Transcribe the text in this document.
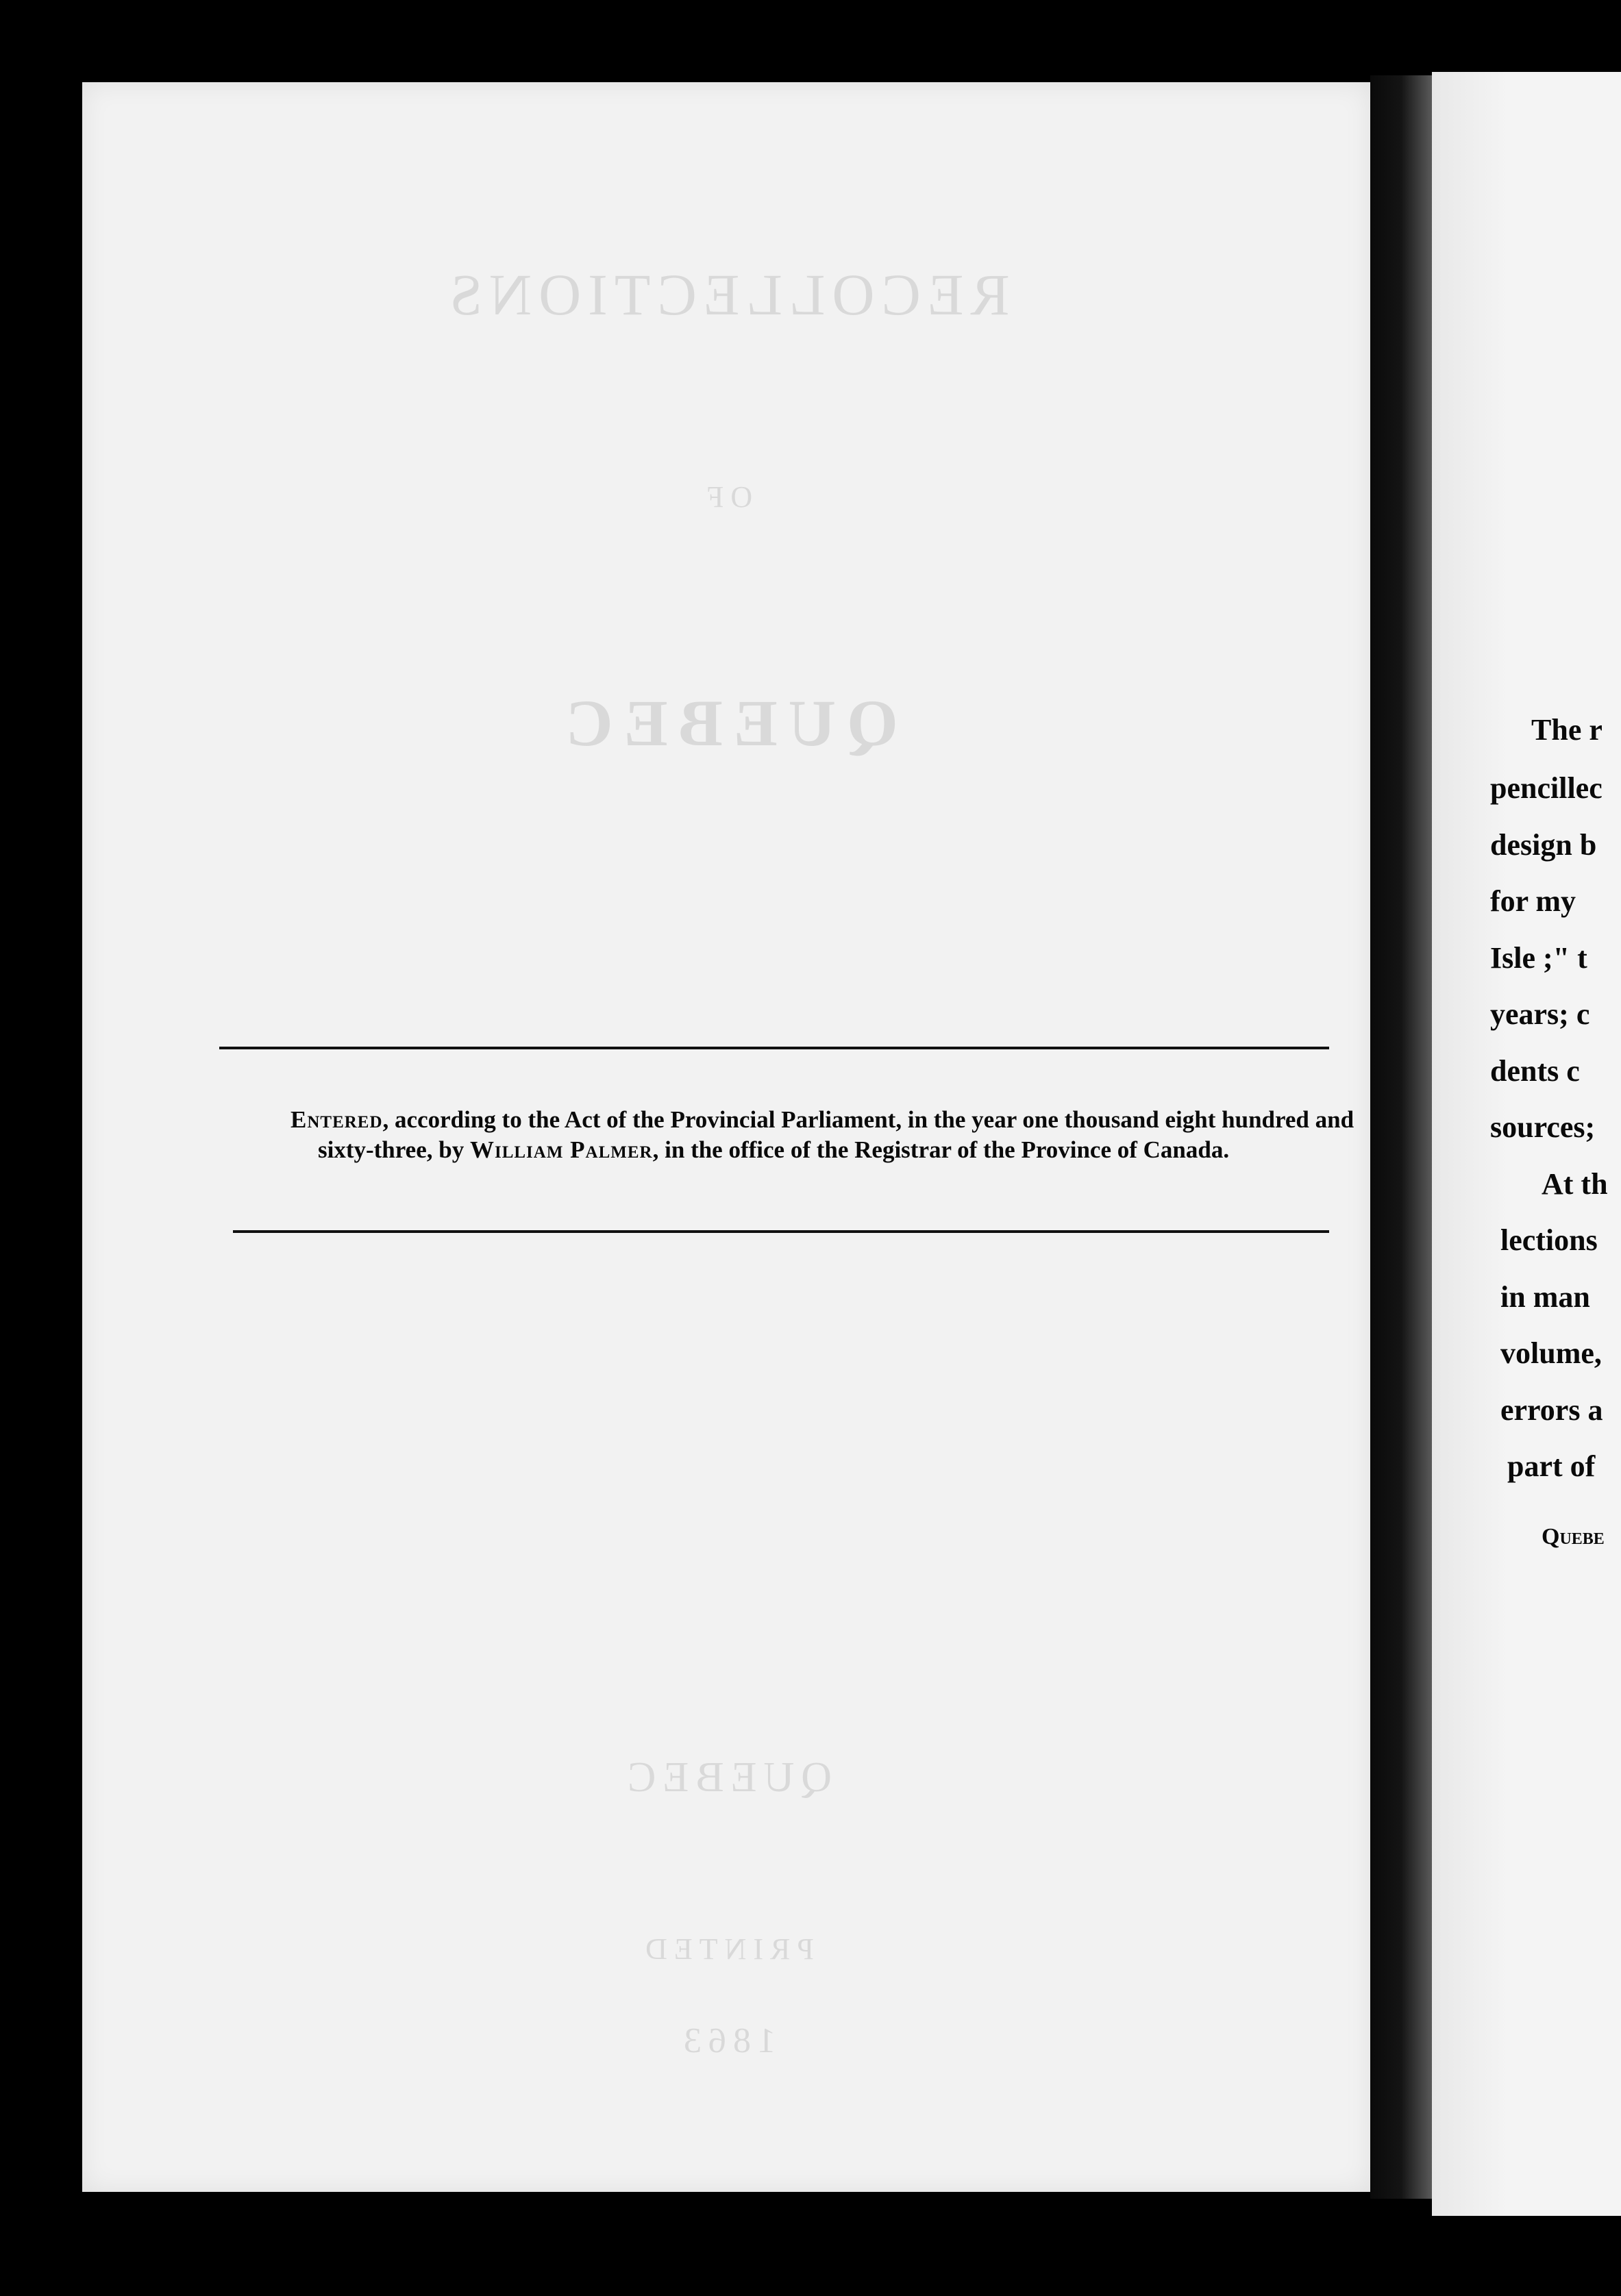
RECOLLECTIONS
OF
QUEBEC
QUEBEC
PRINTED
1863

Entered, according to the Act of the Provincial Parliament, in the year one thousand eight hundred and sixty-three, by William Palmer, in the office of the Registrar of the Province of Canada.

The r
pencillec
design b
for my
Isle ;" t
years; c
dents c
sources;
At th
lections
in man
volume,
errors a
part of
Quebe
